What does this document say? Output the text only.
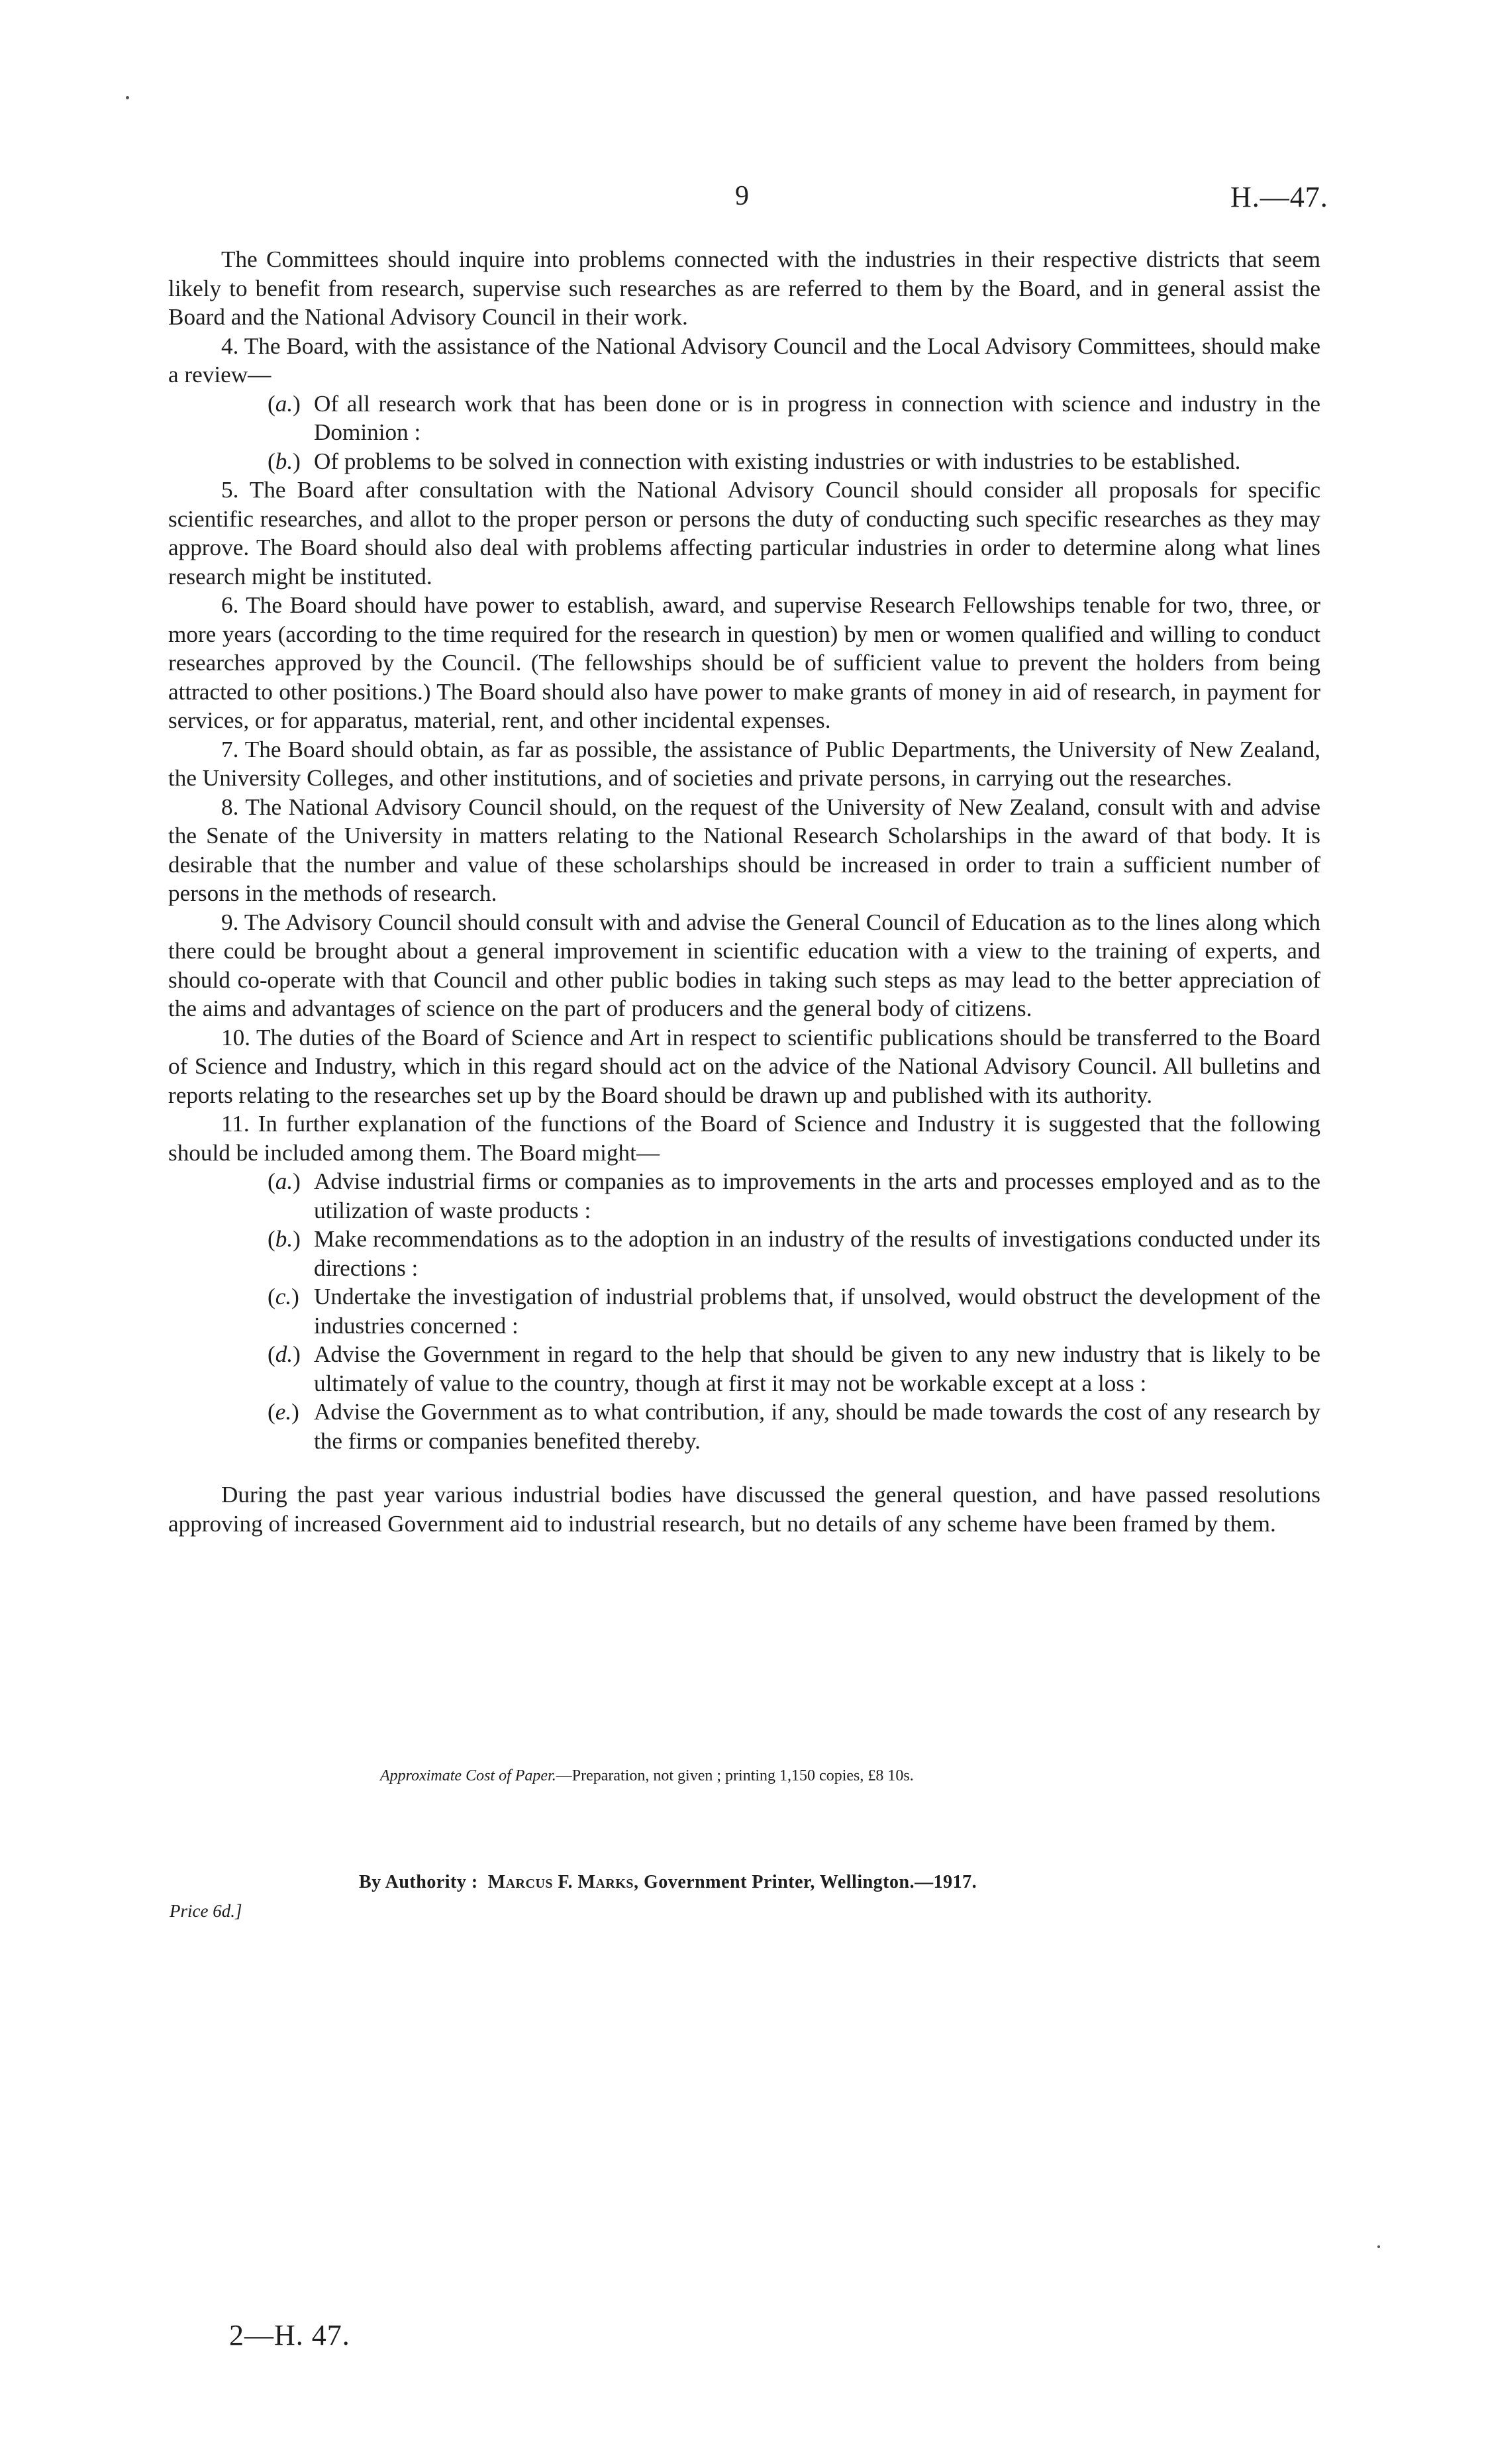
9	H.—47.

The Committees should inquire into problems connected with the industries in their respective districts that seem likely to benefit from research, supervise such researches as are referred to them by the Board, and in general assist the Board and the National Advisory Council in their work.

4. The Board, with the assistance of the National Advisory Council and the Local Advisory Committees, should make a review—

(a.) Of all research work that has been done or is in progress in connection with science and industry in the Dominion :
(b.) Of problems to be solved in connection with existing industries or with industries to be established.

5. The Board after consultation with the National Advisory Council should consider all proposals for specific scientific researches, and allot to the proper person or persons the duty of conducting such specific researches as they may approve. The Board should also deal with problems affecting particular industries in order to determine along what lines research might be instituted.

6. The Board should have power to establish, award, and supervise Research Fellowships tenable for two, three, or more years (according to the time required for the research in question) by men or women qualified and willing to conduct researches approved by the Council. (The fellowships should be of sufficient value to prevent the holders from being attracted to other positions.) The Board should also have power to make grants of money in aid of research, in payment for services, or for apparatus, material, rent, and other incidental expenses.

7. The Board should obtain, as far as possible, the assistance of Public Departments, the University of New Zealand, the University Colleges, and other institutions, and of societies and private persons, in carrying out the researches.

8. The National Advisory Council should, on the request of the University of New Zealand, consult with and advise the Senate of the University in matters relating to the National Research Scholarships in the award of that body. It is desirable that the number and value of these scholarships should be increased in order to train a sufficient number of persons in the methods of research.

9. The Advisory Council should consult with and advise the General Council of Education as to the lines along which there could be brought about a general improvement in scientific education with a view to the training of experts, and should co-operate with that Council and other public bodies in taking such steps as may lead to the better appreciation of the aims and advantages of science on the part of producers and the general body of citizens.

10. The duties of the Board of Science and Art in respect to scientific publications should be transferred to the Board of Science and Industry, which in this regard should act on the advice of the National Advisory Council. All bulletins and reports relating to the researches set up by the Board should be drawn up and published with its authority.

11. In further explanation of the functions of the Board of Science and Industry it is suggested that the following should be included among them. The Board might—

(a.) Advise industrial firms or companies as to improvements in the arts and processes employed and as to the utilization of waste products :
(b.) Make recommendations as to the adoption in an industry of the results of investigations conducted under its directions :
(c.) Undertake the investigation of industrial problems that, if unsolved, would obstruct the development of the industries concerned :
(d.) Advise the Government in regard to the help that should be given to any new industry that is likely to be ultimately of value to the country, though at first it may not be workable except at a loss :
(e.) Advise the Government as to what contribution, if any, should be made towards the cost of any research by the firms or companies benefited thereby.

During the past year various industrial bodies have discussed the general question, and have passed resolutions approving of increased Government aid to industrial research, but no details of any scheme have been framed by them.

Approximate Cost of Paper.—Preparation, not given ; printing 1,150 copies, £8 10s.
By Authority : Marcus F. Marks, Government Printer, Wellington.—1917.
Price 6d.]
2—H. 47.
